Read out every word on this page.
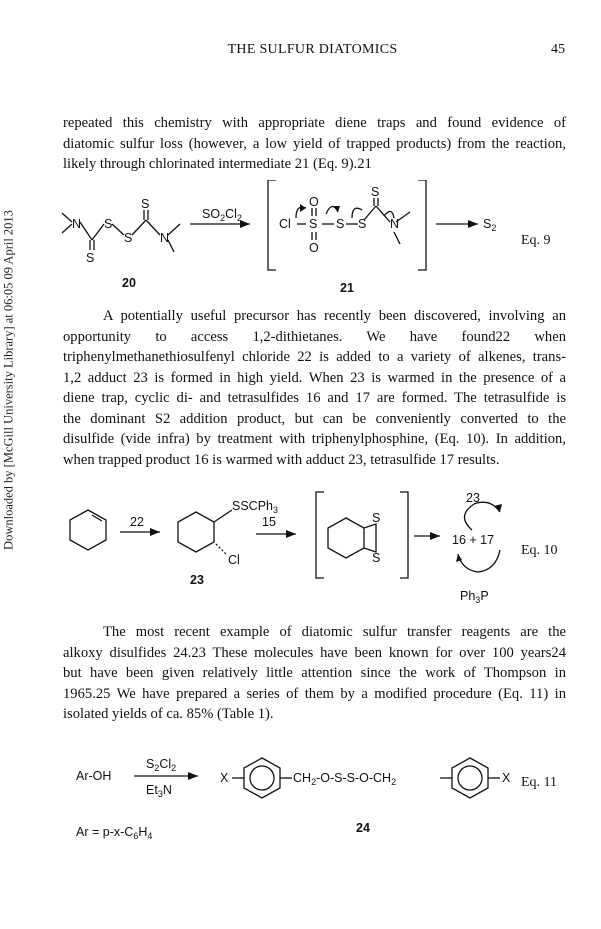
Downloaded by [McGill University Library] at 06:05 09 April 2013
THE SULFUR DIATOMICS	45
repeated this chemistry with appropriate diene traps and found evidence of
diatomic sulfur loss (however, a low yield of trapped products) from the reaction,
likely through chlorinated intermediate 21 (Eq. 9).21
N S
S
S
S
N
$SO_2Cl_2$	Cl S
O
O
S S
S
N	$S_2$
20	21
Eq. 9
A potentially useful precursor has recently been discovered, involving an
opportunity to access 1,2-dithietanes. We have found22 when
triphenylmethanethiosulfenyl chloride 22 is added to a variety of alkenes, trans-
1,2 adduct 23 is formed in high yield. When 23 is warmed in the presence of a
diene trap, cyclic di- and tetrasulfides 16 and 17 are formed. The tetrasulfide is
the dominant S2 addition product, but can be conveniently converted to the
disulfide (vide infra) by treatment with triphenylphosphine, (Eq. 10). In addition,
when trapped product 16 is warmed with adduct 23, tetrasulfide 17 results.
22
SSCPh$_3$
Cl
23
15	S
S
23
16 + 17
$Ph_3P$
Eq. 10
The most recent example of diatomic sulfur transfer reagents are the
alkoxy disulfides 24.23 These molecules have been known for over 100 years24
but have been given relatively little attention since the work of Thompson in
1965.25 We have prepared a series of them by a modified procedure (Eq. 11) in
isolated yields of ca. 85% (Table 1).
Ar-OH
$S_2Cl_2$
$Et_3N$
X	$CH_2-O-S-S-O-CH_2$	X
$Ar = p-x-C_6H_4$
24
Eq. 11
